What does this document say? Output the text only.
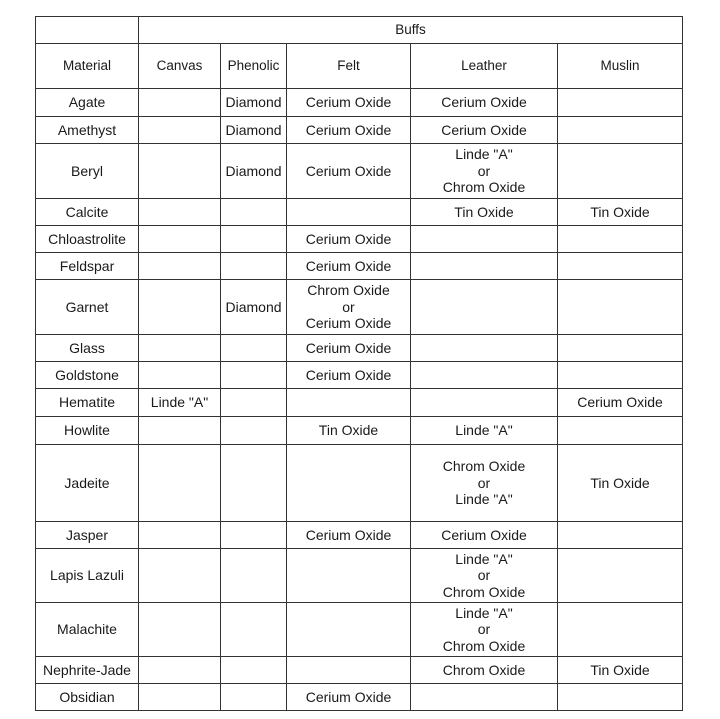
	Buffs				
Material	Canvas	Phenolic	Felt	Leather	Muslin
Agate		Diamond	Cerium Oxide	Cerium Oxide	

Amethyst		Diamond	Cerium Oxide	Cerium Oxide	

Beryl		Diamond	Cerium Oxide	Linde "A"
or
Chrom Oxide	

Calcite				Tin Oxide	Tin Oxide

Chloastrolite			Cerium Oxide		

Feldspar			Cerium Oxide		

Garnet		Diamond	Chrom Oxide
or
Cerium Oxide		

Glass			Cerium Oxide		

Goldstone			Cerium Oxide		

Hematite	Linde "A"				Cerium Oxide

Howlite			Tin Oxide	Linde "A"	

Jadeite				Chrom Oxide
or
Linde "A"	Tin Oxide

Jasper			Cerium Oxide	Cerium Oxide	

Lapis Lazuli				Linde "A"
or
Chrom Oxide	

Malachite				Linde "A"
or
Chrom Oxide	

Nephrite-Jade				Chrom Oxide	Tin Oxide

Obsidian			Cerium Oxide		
